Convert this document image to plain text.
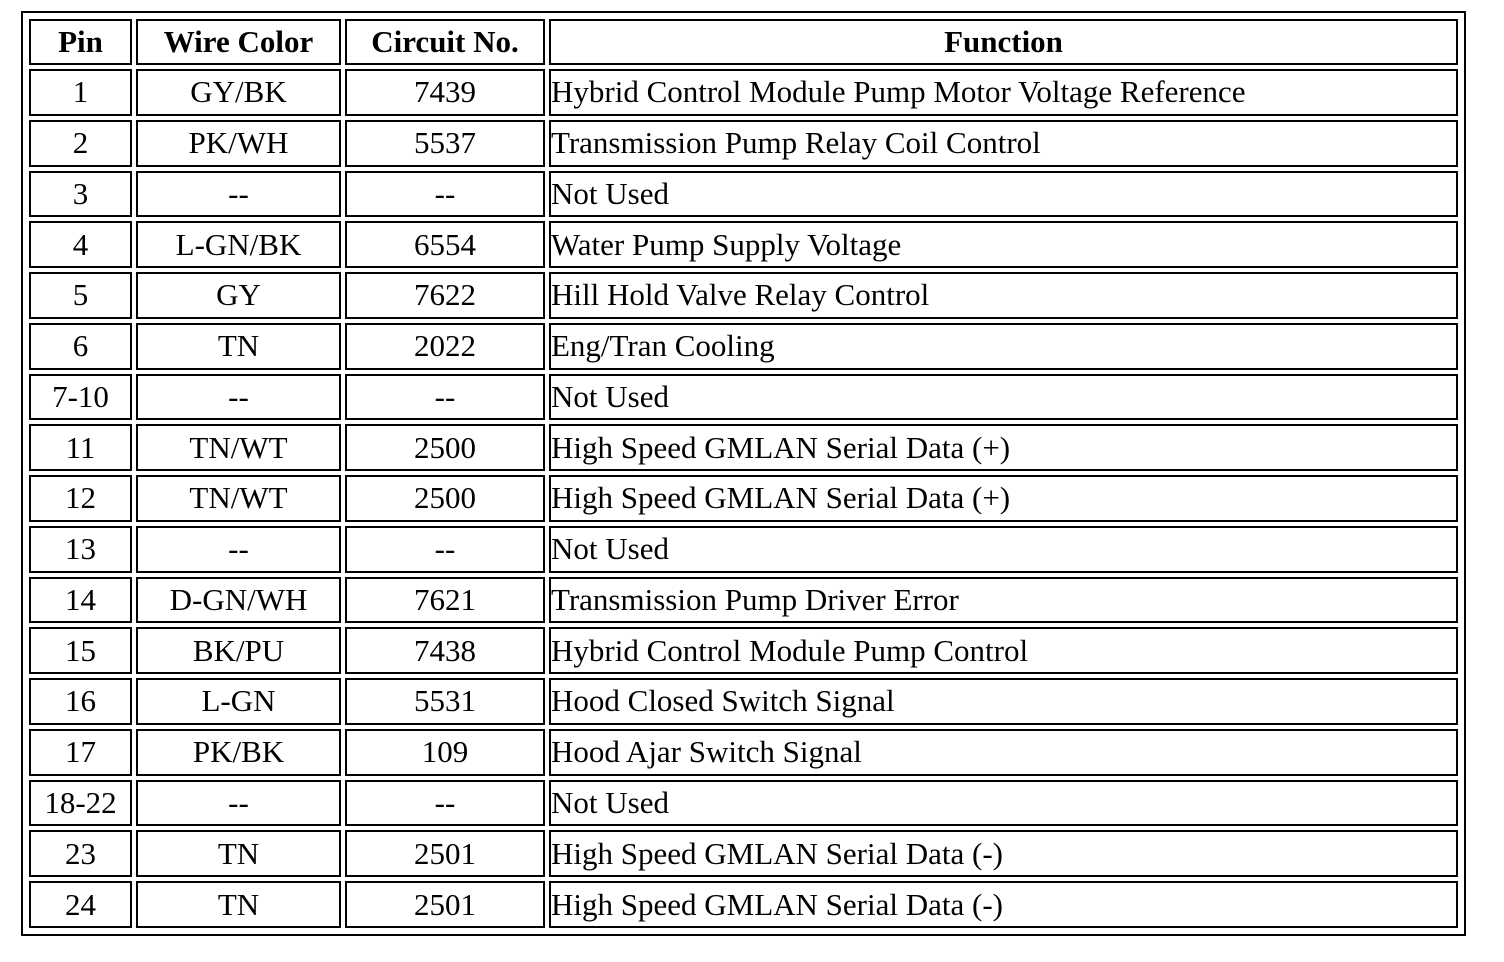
Pin	Wire Color	Circuit No.	Function
1	GY/BK	7439	Hybrid Control Module Pump Motor Voltage Reference
2	PK/WH	5537	Transmission Pump Relay Coil Control
3	--	--	Not Used
4	L-GN/BK	6554	Water Pump Supply Voltage
5	GY	7622	Hill Hold Valve Relay Control
6	TN	2022	Eng/Tran Cooling
7-10	--	--	Not Used
11	TN/WT	2500	High Speed GMLAN Serial Data (+)
12	TN/WT	2500	High Speed GMLAN Serial Data (+)
13	--	--	Not Used
14	D-GN/WH	7621	Transmission Pump Driver Error
15	BK/PU	7438	Hybrid Control Module Pump Control
16	L-GN	5531	Hood Closed Switch Signal
17	PK/BK	109	Hood Ajar Switch Signal
18-22	--	--	Not Used
23	TN	2501	High Speed GMLAN Serial Data (-)
24	TN	2501	High Speed GMLAN Serial Data (-)
